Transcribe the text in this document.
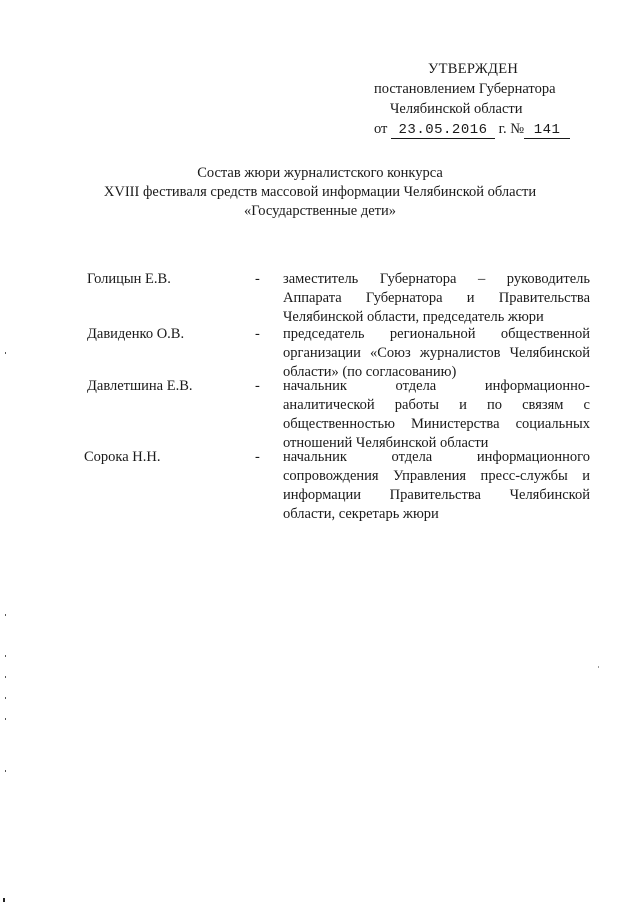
УТВЕРЖДЕН
постановлением Губернатора
Челябинской области
от 23.05.2016 г. № 141
Состав жюри журналистского конкурса
XVIII фестиваля средств массовой информации Челябинской области
«Государственные дети»
Голицын Е.В.	- заместитель Губернатора – руководитель Аппарата Губернатора и Правительства Челябинской области, председатель жюри
Давиденко О.В.	- председатель региональной общественной организации «Союз журналистов Челябинской области» (по согласованию)
Давлетшина Е.В.	- начальник отдела информационно-аналитической работы и по связям с общественностью Министерства социальных отношений Челябинской области
Сорока Н.Н.	- начальник отдела информационного сопровождения Управления пресс-службы и информации Правительства Челябинской области, секретарь жюри
